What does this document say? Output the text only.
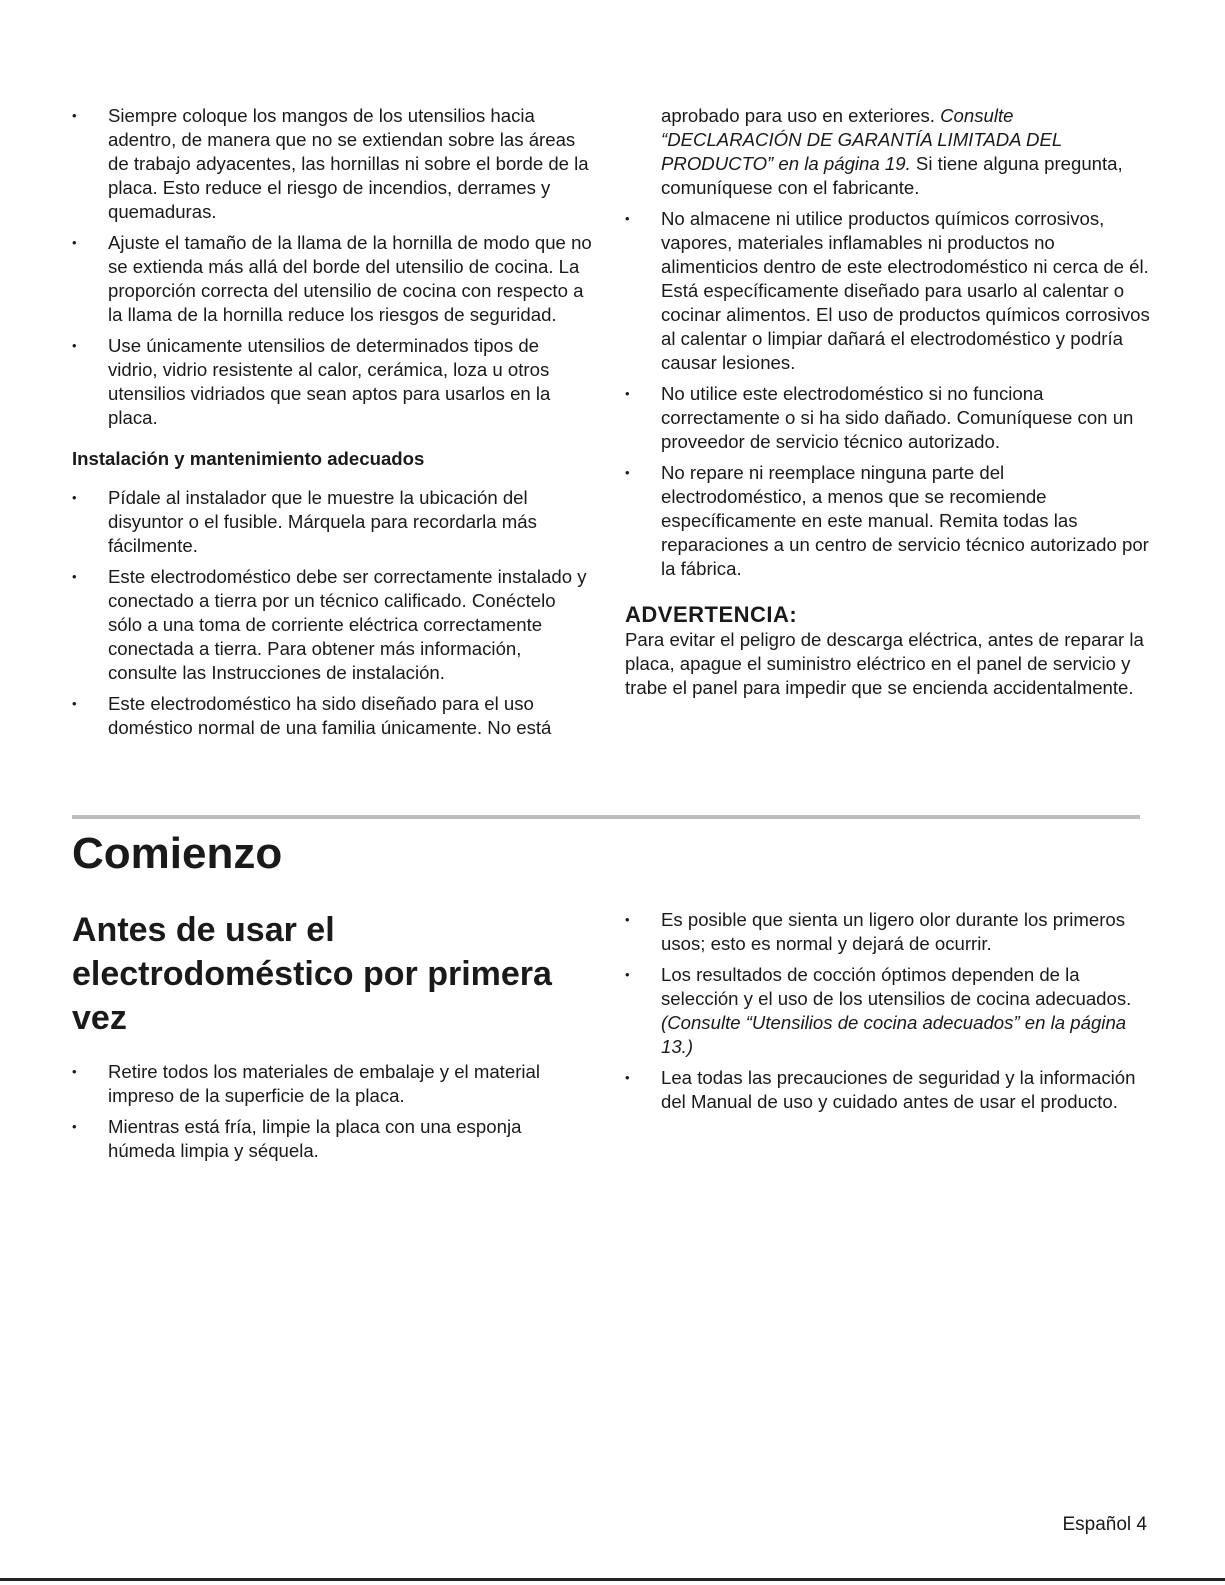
• Siempre coloque los mangos de los utensilios hacia adentro, de manera que no se extiendan sobre las áreas de trabajo adyacentes, las hornillas ni sobre el borde de la placa. Esto reduce el riesgo de incendios, derrames y quemaduras.
• Ajuste el tamaño de la llama de la hornilla de modo que no se extienda más allá del borde del utensilio de cocina. La proporción correcta del utensilio de cocina con respecto a la llama de la hornilla reduce los riesgos de seguridad.
• Use únicamente utensilios de determinados tipos de vidrio, vidrio resistente al calor, cerámica, loza u otros utensilios vidriados que sean aptos para usarlos en la placa.
Instalación y mantenimiento adecuados
• Pídale al instalador que le muestre la ubicación del disyuntor o el fusible. Márquela para recordarla más fácilmente.
• Este electrodoméstico debe ser correctamente instalado y conectado a tierra por un técnico calificado. Conéctelo sólo a una toma de corriente eléctrica correctamente conectada a tierra. Para obtener más información, consulte las Instrucciones de instalación.
• Este electrodoméstico ha sido diseñado para el uso doméstico normal de una familia únicamente. No está

aprobado para uso en exteriores. Consulte “DECLARACIÓN DE GARANTÍA LIMITADA DEL PRODUCTO” en la página 19. Si tiene alguna pregunta, comuníquese con el fabricante.

• No almacene ni utilice productos químicos corrosivos, vapores, materiales inflamables ni productos no alimenticios dentro de este electrodoméstico ni cerca de él. Está específicamente diseñado para usarlo al calentar o cocinar alimentos. El uso de productos químicos corrosivos al calentar o limpiar dañará el electrodoméstico y podría causar lesiones.
• No utilice este electrodoméstico si no funciona correctamente o si ha sido dañado. Comuníquese con un proveedor de servicio técnico autorizado.
• No repare ni reemplace ninguna parte del electrodoméstico, a menos que se recomiende específicamente en este manual. Remita todas las reparaciones a un centro de servicio técnico autorizado por la fábrica.
ADVERTENCIA:

Para evitar el peligro de descarga eléctrica, antes de reparar la placa, apague el suministro eléctrico en el panel de servicio y trabe el panel para impedir que se encienda accidentalmente.

Comienzo
Antes de usar el electrodoméstico por primera vez
• Retire todos los materiales de embalaje y el material impreso de la superficie de la placa.
• Mientras está fría, limpie la placa con una esponja húmeda limpia y séquela.
• Es posible que sienta un ligero olor durante los primeros usos; esto es normal y dejará de ocurrir.
• Los resultados de cocción óptimos dependen de la selección y el uso de los utensilios de cocina adecuados. (Consulte “Utensilios de cocina adecuados” en la página 13.)
• Lea todas las precauciones de seguridad y la información del Manual de uso y cuidado antes de usar el producto.
Español 4
